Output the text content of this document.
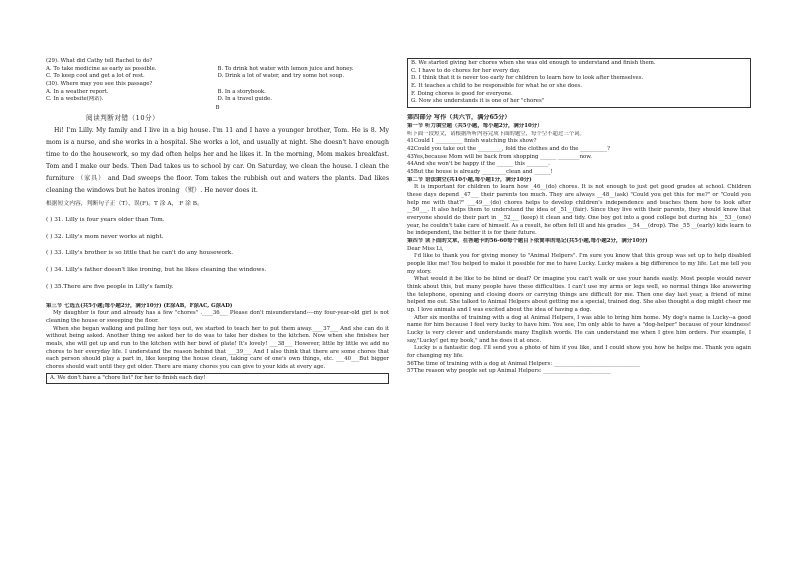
(29). What did Cathy tell Rachel to do?
A. To take medicine as early as possible.	B. To drink hot water with lemon juice and honey.
C. To keep cool and get a lot of rest.	D. Drink a lot of water, and try some hot soup.
(30). Where may you see this passage?
A. In a weather report.	B. In a storybook.
C. In a website(网站).	D. In a travel guide.
B
阅读判断对错（10分）
Hi! I'm Lilly. My family and I live in a big house. I'm 11 and I have a younger brother, Tom. He is 8. My mom is a nurse, and she works in a hospital. She works a lot, and usually at night. She doesn't have enough time to do the housework, so my dad often helps her and he likes it. In the morning, Mom makes breakfast. Tom and I make our beds. Then Dad takes us to school by car. On Saturday, we clean the house. I clean the furniture （家具） and Dad sweeps the floor. Tom takes the rubbish out and waters the plants. Dad likes cleaning the windows but he hates ironing （熨）. He never does it.
根据短文内容，判断句子正（T）、误(F)。T 涂 A， F 涂 B。
( ) 31. Lilly is four years older than Tom.
( ) 32. Lilly's mom never works at night.
( ) 33. Lilly's brother is so little that he can't do any housework.
( ) 34. Lilly's father doesn't like ironing, but he likes cleaning the windows.
( ) 35.There are five people in Lilly's family.
第三节 七选五(共5小题;每小题2分，满分10分) (E涂AB，F涂AC, G涂AD)
My daughter is four and already has a few "chores" .____36___ Please don't misunderstand----my four-year-old girl is not cleaning the house or sweeping the floor.
When she began walking and pulling her toys out, we started to teach her to put them away.____37___ And she can do it without being asked. Another thing we asked her to do was to take her dishes to the kitchen. Now when she finishes her meals, she will get up and run to the kitchen with her bowl of plate! It's lovely! ___38___ However, little by little we add no chores to her everyday life. I understand the reason behind that ___39___ And I also think that there are some chores that each person should play a part in, like keeping the house clean, taking care of one's own things, etc. ___40___But bigger chores should wait until they get older. There are many chores you can give to your kids at every age.
A. We don't have a "chore list" for her to finish each day!
B. We started giving her chores when she was old enough to understand and finish them.
C. I have to do chores for her every day.
D. I think that it is never too early for children to learn how to look after themselves.
E. It teaches a child to be responsible for what he or she does.
F. Doing chores is good for everyone.
G. Now she understands it is one of her "chores"
第四部分 写作（共六节，满分65分）
第一节 听力填空题（共5小题，每小题2分，满分10分）
听下面一段短文，请根据所听内容完成下面的题空，每个空不超过三个词。
41Could I __________ finish watching this show?
42Could you take out the _________, fold the clothes and do the __________?
43Yes,because Mom will be back from shopping ______ ________now.
44And she won't be happy if the ______ this ________.
45But the house is already _________clean and ______!
第二节 语法填空(共10小题,每小题1分，满分10分)
It is important for children to learn how _46__(do) chores. It is not enough to just get good grades at school. Children these days depend _47___ their parents too much. They are always __48__(ask) "Could you get this for me?" or "Could you help me with that?" ___49___(do) chores helps to develop children's independence and teaches them how to look after __50___. It also helps them to understand the idea of _51__(fair). Since they live with their parents, they should know that everyone should do their part in __52___ (keep) it clean and tidy. One boy got into a good college but during his __53__(one) year, he couldn't take care of himself. As a result, he often fell ill and his grades __54___(drop). The _55 __(early) kids learn to be independent, the better it is for their future.
第四节 读下面的文章，在答题卡的56-60每个题目下依简单的笔记(共5小题,每小题2分，满分10分)
Dear Miss Li,
I'd like to thank you for giving money to "Animal Helpers". I'm sure you know that this group was set up to help disabled people like me! You helped to make it possible for me to have Lucky. Lucky makes a big difference to my life. Let me tell you my story.
What would it be like to be blind or deaf? Or imagine you can't walk or use your hands easily. Most people would never think about this, but many people have these difficulties. I can't use my arms or legs well, so normal things like answering the telephone, opening and closing doors or carrying things are difficult for me. Then one day last year, a friend of mine helped me out. She talked to Animal Helpers about getting me a special, trained dog. She also thought a dog might cheer me up. I love animals and I was excited about the idea of having a dog.
After six months of training with a dog at Animal Helpers, I was able to bring him home. My dog's name is Lucky--a good name for him because I feel very lucky to have him. You see, I'm only able to have a "dog-helper" because of your kindness! Lucky is very clever and understands many English words. He can understand me when I give him orders. For example, I say,"Lucky! get my book," and he does it at once.
Lucky is a fantastic dog. I'll send you a photo of him if you like, and I could show you how he helps me. Thank you again for changing my life.
56The time of training with a dog at Animal Helpers: ________________________________
57The reason why people set up Animal Helpers: _________________________
